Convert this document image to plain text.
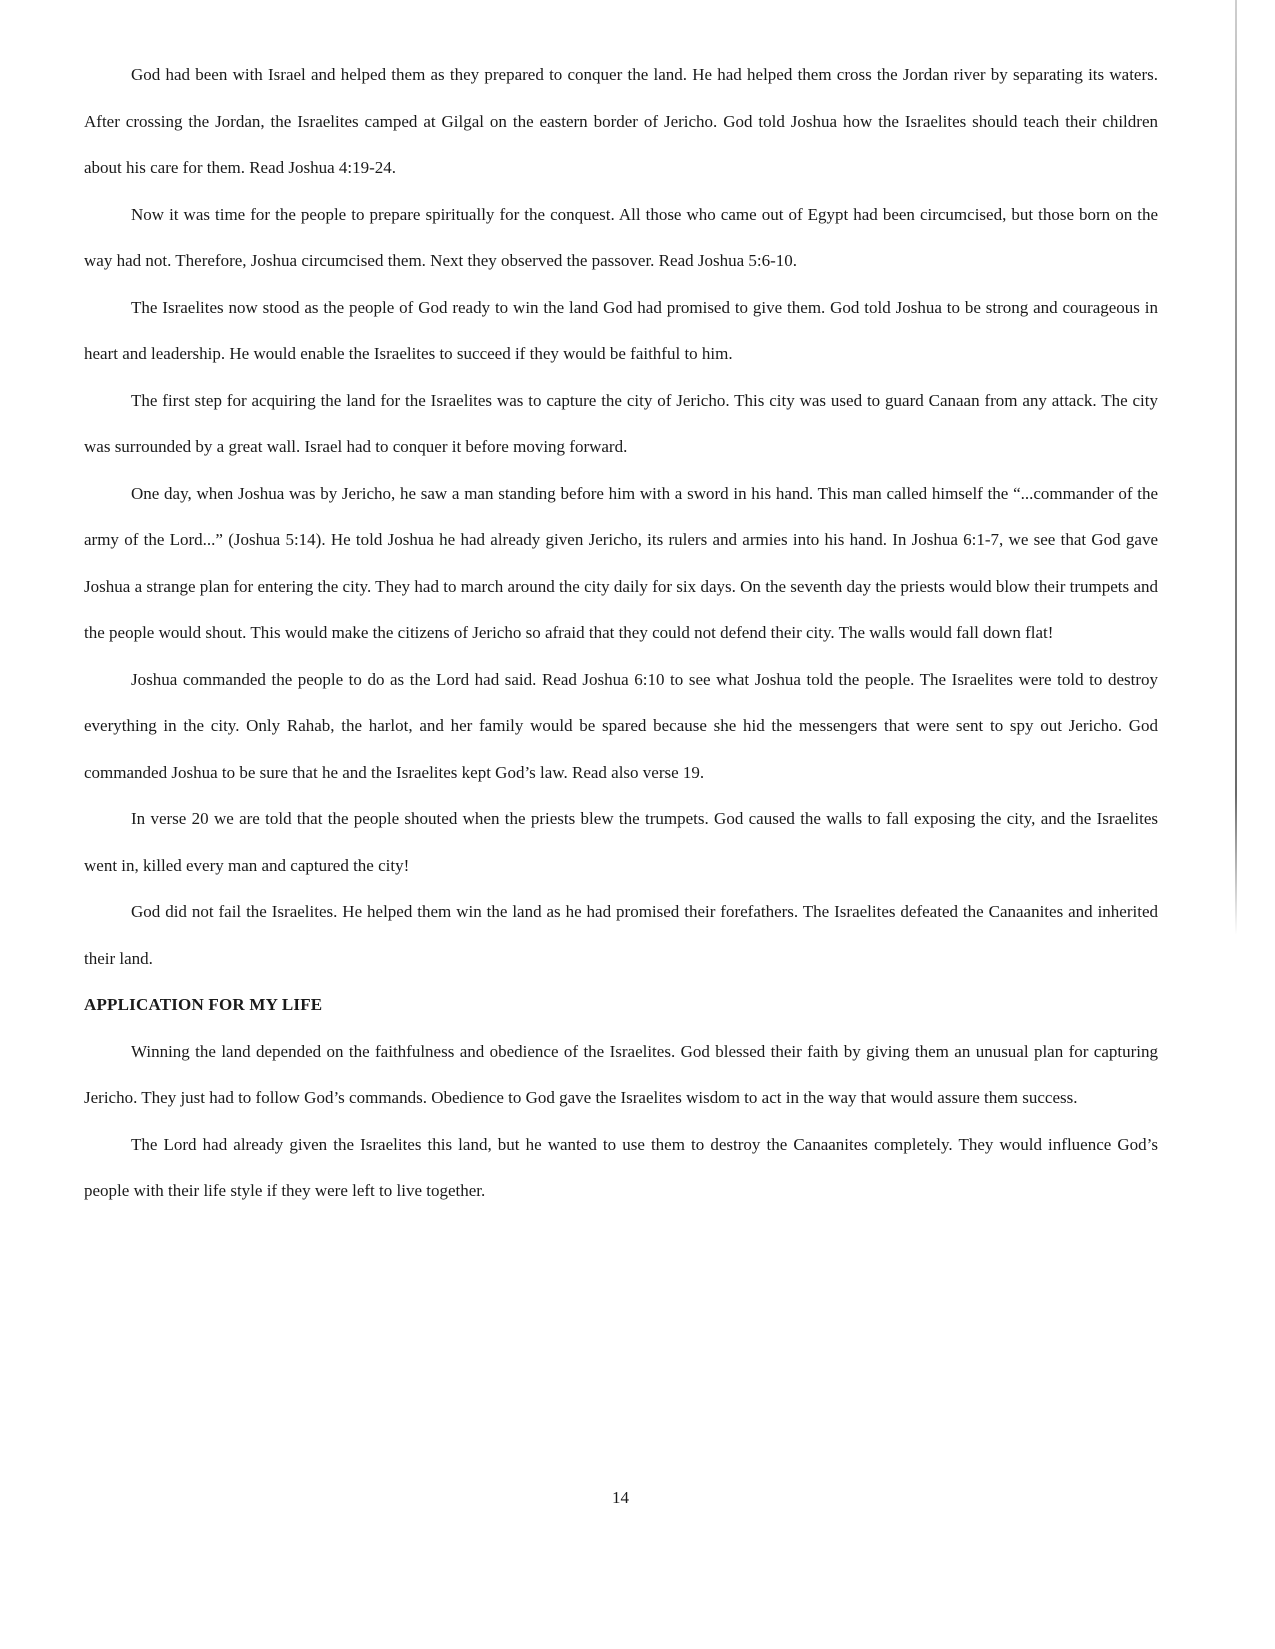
God had been with Israel and helped them as they prepared to conquer the land. He had helped them cross the Jordan river by separating its waters. After crossing the Jordan, the Israelites camped at Gilgal on the eastern border of Jericho. God told Joshua how the Israelites should teach their children about his care for them. Read Joshua 4:19-24.

Now it was time for the people to prepare spiritually for the conquest. All those who came out of Egypt had been circumcised, but those born on the way had not. Therefore, Joshua circumcised them. Next they observed the passover. Read Joshua 5:6-10.

The Israelites now stood as the people of God ready to win the land God had promised to give them. God told Joshua to be strong and courageous in heart and leadership. He would enable the Israelites to succeed if they would be faithful to him.

The first step for acquiring the land for the Israelites was to capture the city of Jericho. This city was used to guard Canaan from any attack. The city was surrounded by a great wall. Israel had to conquer it before moving forward.

One day, when Joshua was by Jericho, he saw a man standing before him with a sword in his hand. This man called himself the “...commander of the army of the Lord...” (Joshua 5:14). He told Joshua he had already given Jericho, its rulers and armies into his hand. In Joshua 6:1-7, we see that God gave Joshua a strange plan for entering the city. They had to march around the city daily for six days. On the seventh day the priests would blow their trumpets and the people would shout. This would make the citizens of Jericho so afraid that they could not defend their city. The walls would fall down flat!

Joshua commanded the people to do as the Lord had said. Read Joshua 6:10 to see what Joshua told the people. The Israelites were told to destroy everything in the city. Only Rahab, the harlot, and her family would be spared because she hid the messengers that were sent to spy out Jericho. God commanded Joshua to be sure that he and the Israelites kept God’s law. Read also verse 19.

In verse 20 we are told that the people shouted when the priests blew the trumpets. God caused the walls to fall exposing the city, and the Israelites went in, killed every man and captured the city!

God did not fail the Israelites. He helped them win the land as he had promised their forefathers. The Israelites defeated the Canaanites and inherited their land.

APPLICATION FOR MY LIFE

Winning the land depended on the faithfulness and obedience of the Israelites. God blessed their faith by giving them an unusual plan for capturing Jericho. They just had to follow God’s commands. Obedience to God gave the Israelites wisdom to act in the way that would assure them success.

The Lord had already given the Israelites this land, but he wanted to use them to destroy the Canaanites completely. They would influence God’s people with their life style if they were left to live together.

14
